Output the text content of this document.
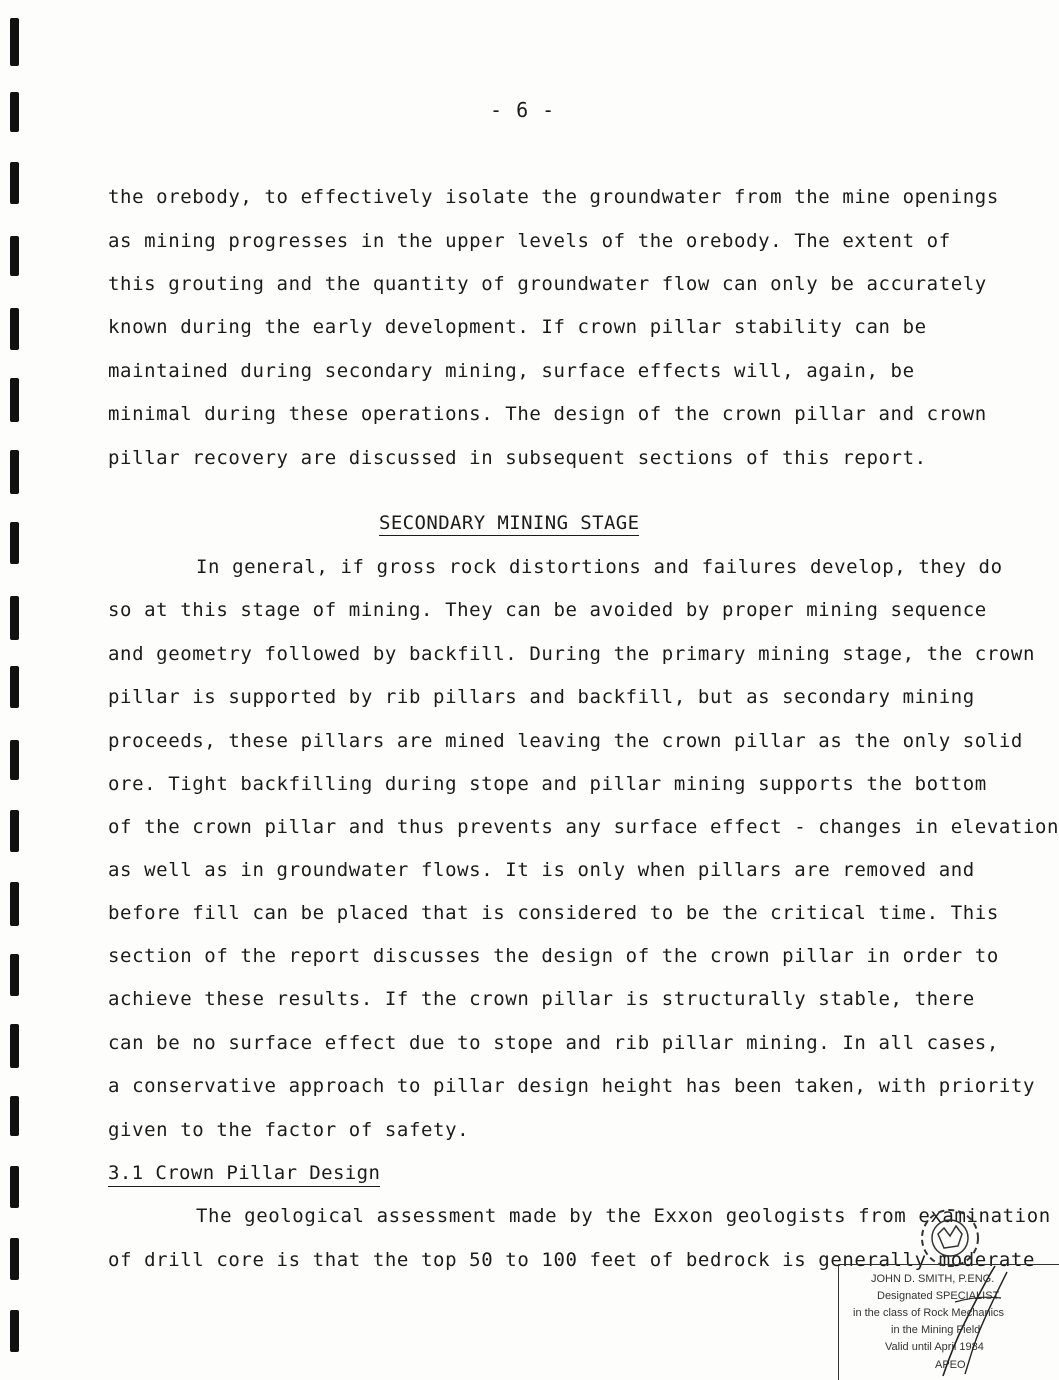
- 6 -
the orebody, to effectively isolate the groundwater from the mine openings
as mining progresses in the upper levels of the orebody. The extent of
this grouting and the quantity of groundwater flow can only be accurately
known during the early development. If crown pillar stability can be
maintained during secondary mining, surface effects will, again, be
minimal during these operations. The design of the crown pillar and crown
pillar recovery are discussed in subsequent sections of this report.
SECONDARY MINING STAGE
In general, if gross rock distortions and failures develop, they do
so at this stage of mining. They can be avoided by proper mining sequence
and geometry followed by backfill. During the primary mining stage, the crown
pillar is supported by rib pillars and backfill, but as secondary mining
proceeds, these pillars are mined leaving the crown pillar as the only solid
ore. Tight backfilling during stope and pillar mining supports the bottom
of the crown pillar and thus prevents any surface effect - changes in elevation
as well as in groundwater flows. It is only when pillars are removed and
before fill can be placed that is considered to be the critical time. This
section of the report discusses the design of the crown pillar in order to
achieve these results. If the crown pillar is structurally stable, there
can be no surface effect due to stope and rib pillar mining. In all cases,
a conservative approach to pillar design height has been taken, with priority
given to the factor of safety.
3.1 Crown Pillar Design
The geological assessment made by the Exxon geologists from examination
of drill core is that the top 50 to 100 feet of bedrock is generally moderate
JOHN D. SMITH, P.ENG.
Designated SPECIALIST
in the class of Rock Mechanics
in the Mining Field
Valid until April 1984
APEO
